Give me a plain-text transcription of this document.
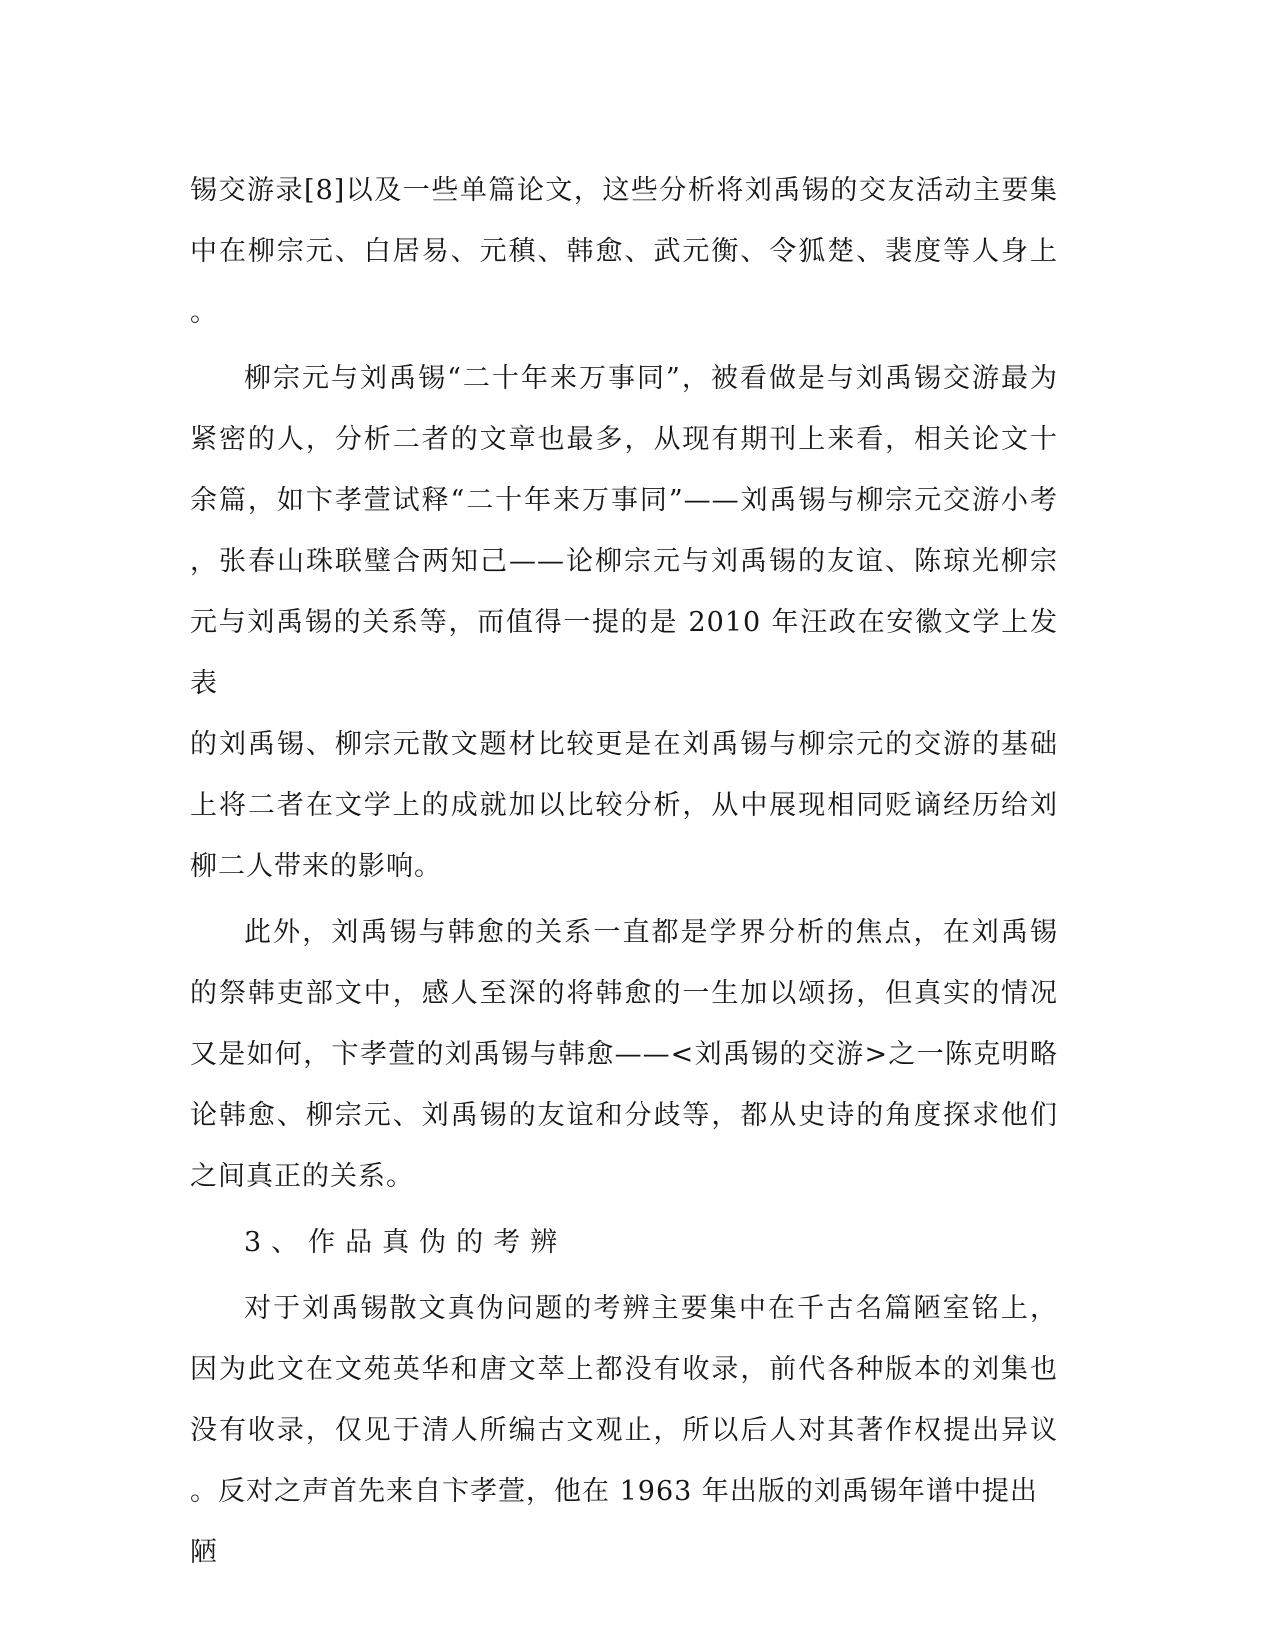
锡交游录[8]以及一些单篇论文，这些分析将刘禹锡的交友活动主要集
中在柳宗元、白居易、元稹、韩愈、武元衡、令狐楚、裴度等人身上
。
柳宗元与刘禹锡“二十年来万事同”，被看做是与刘禹锡交游最为
紧密的人，分析二者的文章也最多，从现有期刊上来看，相关论文十
余篇，如卞孝萱试释“二十年来万事同”——刘禹锡与柳宗元交游小考
，张春山珠联璧合两知己——论柳宗元与刘禹锡的友谊、陈琼光柳宗
元与刘禹锡的关系等，而值得一提的是 2010 年汪政在安徽文学上发表
的刘禹锡、柳宗元散文题材比较更是在刘禹锡与柳宗元的交游的基础
上将二者在文学上的成就加以比较分析，从中展现相同贬谪经历给刘
柳二人带来的影响。
此外，刘禹锡与韩愈的关系一直都是学界分析的焦点，在刘禹锡
的祭韩吏部文中，感人至深的将韩愈的一生加以颂扬，但真实的情况
又是如何，卞孝萱的刘禹锡与韩愈——<刘禹锡的交游>之一陈克明略
论韩愈、柳宗元、刘禹锡的友谊和分歧等，都从史诗的角度探求他们
之间真正的关系。
3、作品真伪的考辨
对于刘禹锡散文真伪问题的考辨主要集中在千古名篇陋室铭上，
因为此文在文苑英华和唐文萃上都没有收录，前代各种版本的刘集也
没有收录，仅见于清人所编古文观止，所以后人对其著作权提出异议
。反对之声首先来自卞孝萱，他在 1963 年出版的刘禹锡年谱中提出陋
